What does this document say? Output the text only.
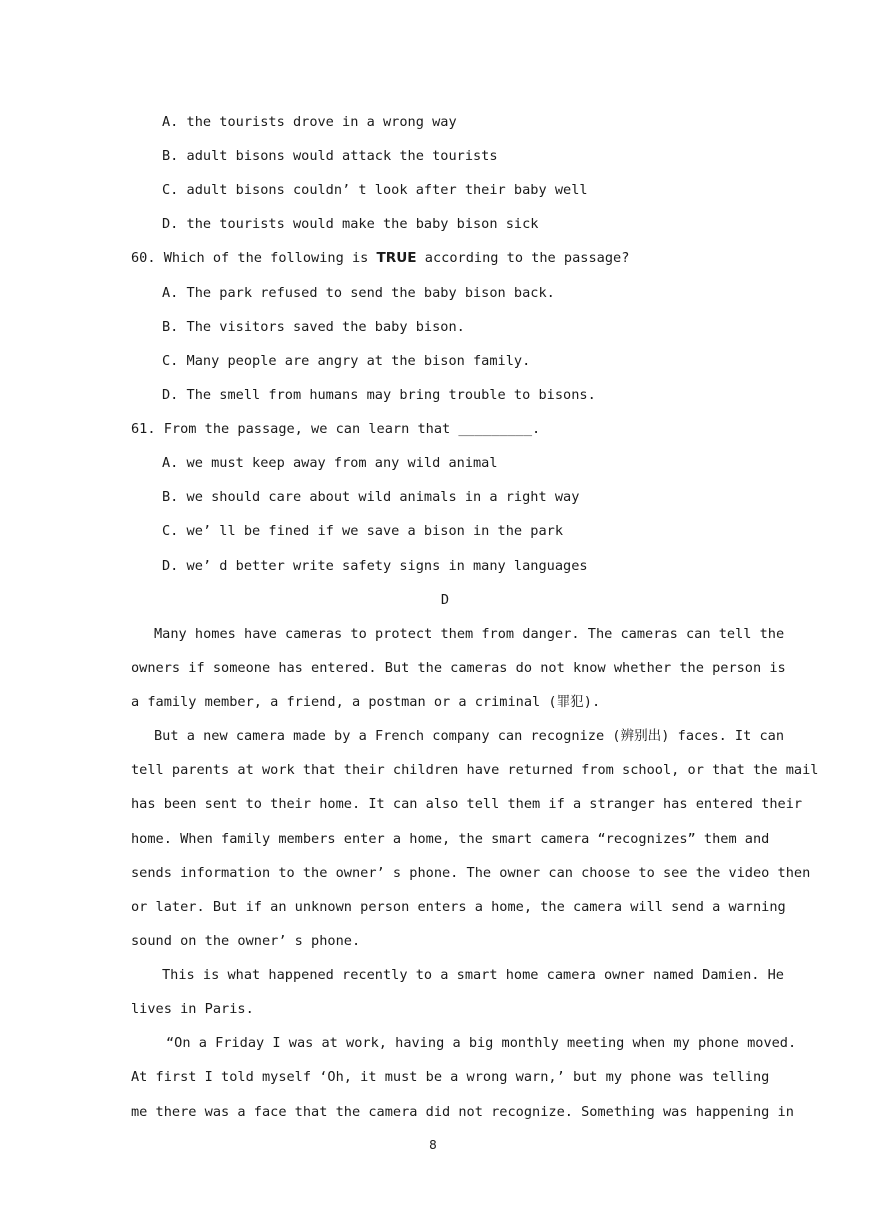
A. the tourists drove in a wrong way
B. adult bisons would attack the tourists
C. adult bisons couldn’ t look after their baby well
D. the tourists would make the baby bison sick
60. Which of the following is TRUE according to the passage?
A. The park refused to send the baby bison back.
B. The visitors saved the baby bison.
C. Many people are angry at the bison family.
D. The smell from humans may bring trouble to bisons.
61. From the passage, we can learn that _________.
A. we must keep away from any wild animal
B. we should care about wild animals in a right way
C. we’ ll be fined if we save a bison in the park
D. we’ d better write safety signs in many languages
D
Many homes have cameras to protect them from danger. The cameras can tell the
owners if someone has entered. But the cameras do not know whether the person is
a family member, a friend, a postman or a criminal (罪犯).
But a new camera made by a French company can recognize (辨别出) faces. It can
tell parents at work that their children have returned from school, or that the mail
has been sent to their home. It can also tell them if a stranger has entered their
home. When family members enter a home, the smart camera “recognizes” them and
sends information to the owner’ s phone. The owner can choose to see the video then
or later. But if an unknown person enters a home, the camera will send a warning
sound on the owner’ s phone.
This is what happened recently to a smart home camera owner named Damien. He
lives in Paris.
“On a Friday I was at work, having a big monthly meeting when my phone moved.
At first I told myself ‘Oh, it must be a wrong warn,’ but my phone was telling
me there was a face that the camera did not recognize. Something was happening in
8
